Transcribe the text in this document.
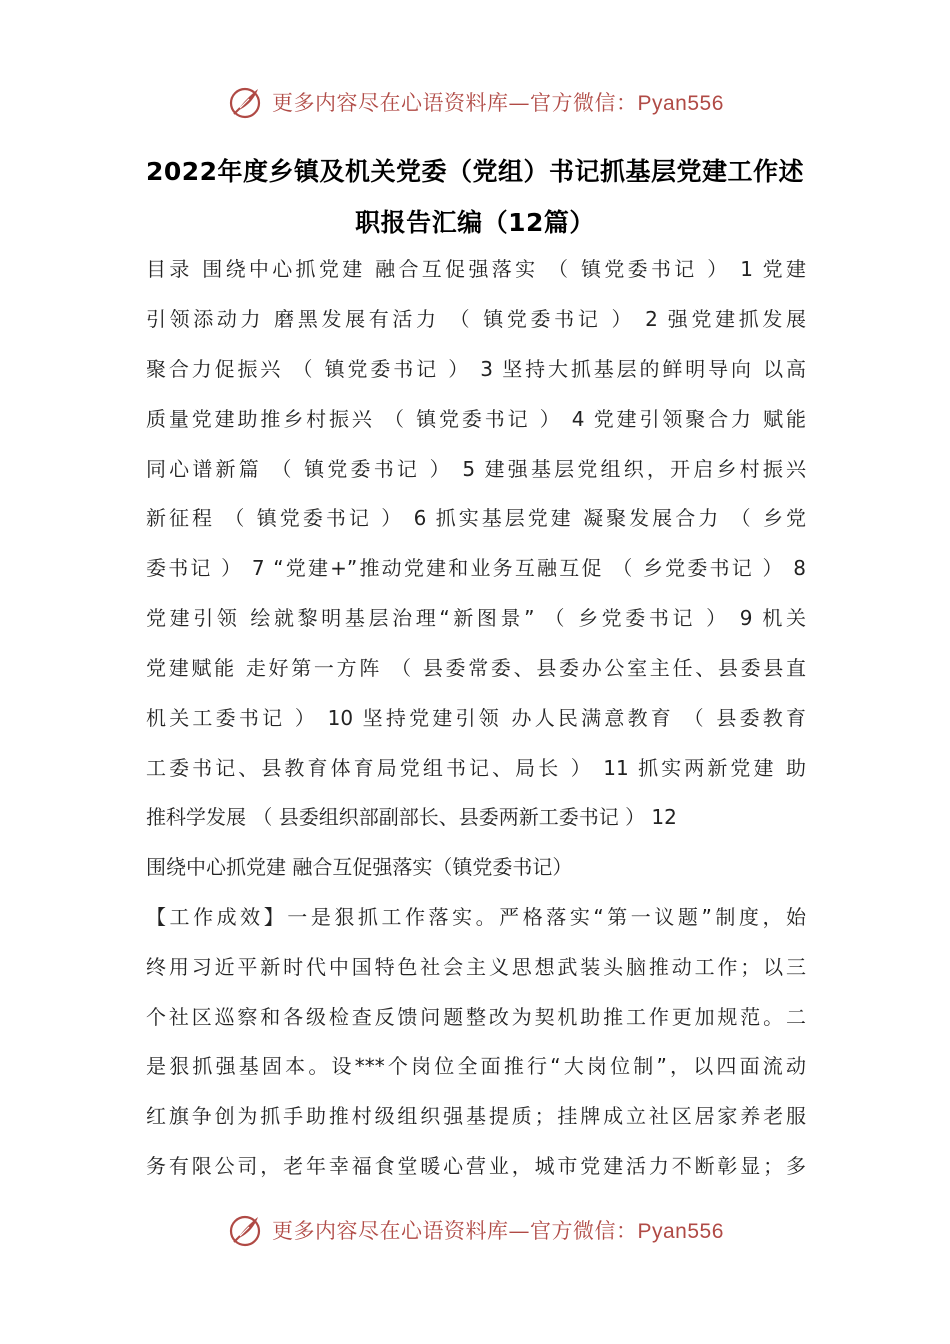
更多内容尽在心语资料库—官方微信：Pyan556
2022年度乡镇及机关党委（党组）书记抓基层党建工作述
职报告汇编（12篇）
目录 围绕中心抓党建 融合互促强落实 （ 镇党委书记 ） 1 党建
引领添动力 磨黑发展有活力 （ 镇党委书记 ） 2 强党建抓发展
聚合力促振兴 （ 镇党委书记 ） 3 坚持大抓基层的鲜明导向 以高
质量党建助推乡村振兴 （ 镇党委书记 ） 4 党建引领聚合力 赋能
同心谱新篇 （ 镇党委书记 ） 5 建强基层党组织，开启乡村振兴
新征程 （ 镇党委书记 ） 6 抓实基层党建 凝聚发展合力 （ 乡党
委书记 ） 7 “党建+”推动党建和业务互融互促 （ 乡党委书记 ） 8
党建引领 绘就黎明基层治理“新图景” （ 乡党委书记 ） 9 机关
党建赋能 走好第一方阵 （ 县委常委、县委办公室主任、县委县直
机关工委书记 ） 10 坚持党建引领 办人民满意教育 （ 县委教育
工委书记、县教育体育局党组书记、局长 ） 11 抓实两新党建 助
推科学发展 （ 县委组织部副部长、县委两新工委书记 ） 12
围绕中心抓党建 融合互促强落实（镇党委书记）
【工作成效】一是狠抓工作落实。严格落实“第一议题”制度，始
终用习近平新时代中国特色社会主义思想武装头脑推动工作；以三
个社区巡察和各级检查反馈问题整改为契机助推工作更加规范。二
是狠抓强基固本。设***个岗位全面推行“大岗位制”，以四面流动
红旗争创为抓手助推村级组织强基提质；挂牌成立社区居家养老服
务有限公司，老年幸福食堂暖心营业，城市党建活力不断彰显；多
更多内容尽在心语资料库—官方微信：Pyan556
